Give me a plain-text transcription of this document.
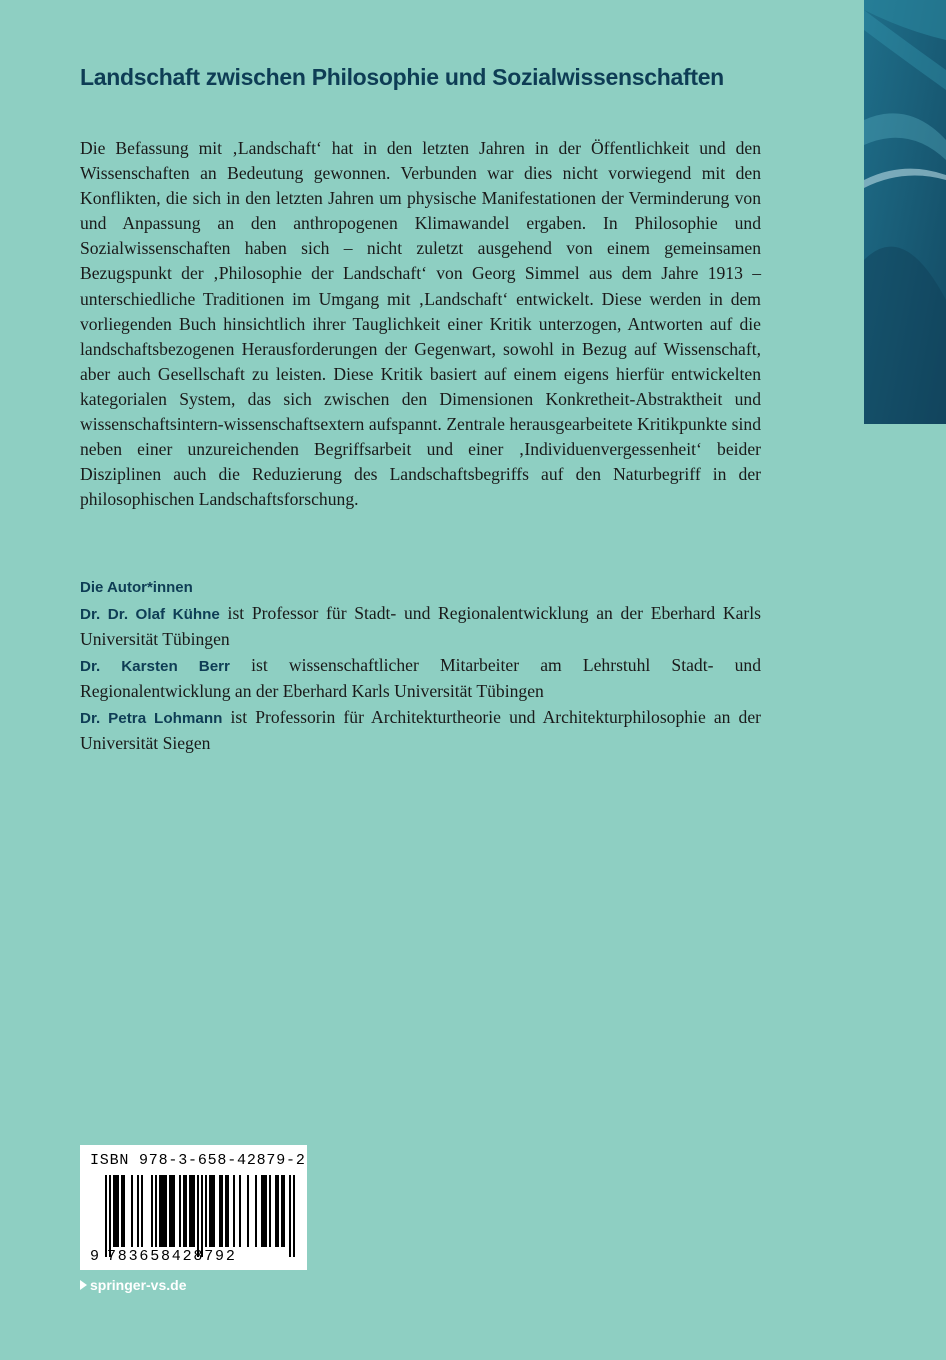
Landschaft zwischen Philosophie und Sozialwissenschaften

Die Befassung mit ‚Landschaft‘ hat in den letzten Jahren in der Öffentlichkeit und den Wissenschaften an Bedeutung gewonnen. Verbunden war dies nicht vorwiegend mit den Konflikten, die sich in den letzten Jahren um physische Manifestationen der Verminderung von und Anpassung an den anthropogenen Klimawandel ergaben. In Philosophie und Sozialwissenschaften haben sich – nicht zuletzt ausgehend von einem gemeinsamen Bezugspunkt der ‚Philosophie der Landschaft‘ von Georg Simmel aus dem Jahre 1913 – unterschiedliche Traditionen im Umgang mit ‚Landschaft‘ entwickelt. Diese werden in dem vorliegenden Buch hinsichtlich ihrer Tauglichkeit einer Kritik unterzogen, Antworten auf die landschaftsbezogenen Herausforderungen der Gegenwart, sowohl in Bezug auf Wissenschaft, aber auch Gesellschaft zu leisten. Diese Kritik basiert auf einem eigens hierfür entwickelten kategorialen System, das sich zwischen den Dimensionen Konkretheit-Abstraktheit und wissenschaftsintern-wissenschaftsextern aufspannt. Zentrale herausgearbeitete Kritikpunkte sind neben einer unzureichenden Begriffsarbeit und einer ‚Individuenvergessenheit‘ beider Disziplinen auch die Reduzierung des Landschaftsbegriffs auf den Naturbegriff in der philosophischen Landschaftsforschung.

Die Autor*innen

Dr. Dr. Olaf Kühne ist Professor für Stadt- und Regionalentwicklung an der Eberhard Karls Universität Tübingen

Dr. Karsten Berr ist wissenschaftlicher Mitarbeiter am Lehrstuhl Stadt- und Regionalentwicklung an der Eberhard Karls Universität Tübingen

Dr. Petra Lohmann ist Professorin für Architekturtheorie und Architekturphilosophie an der Universität Siegen

ISBN 978-3-658-42879-2
9 783658428792
springer-vs.de
